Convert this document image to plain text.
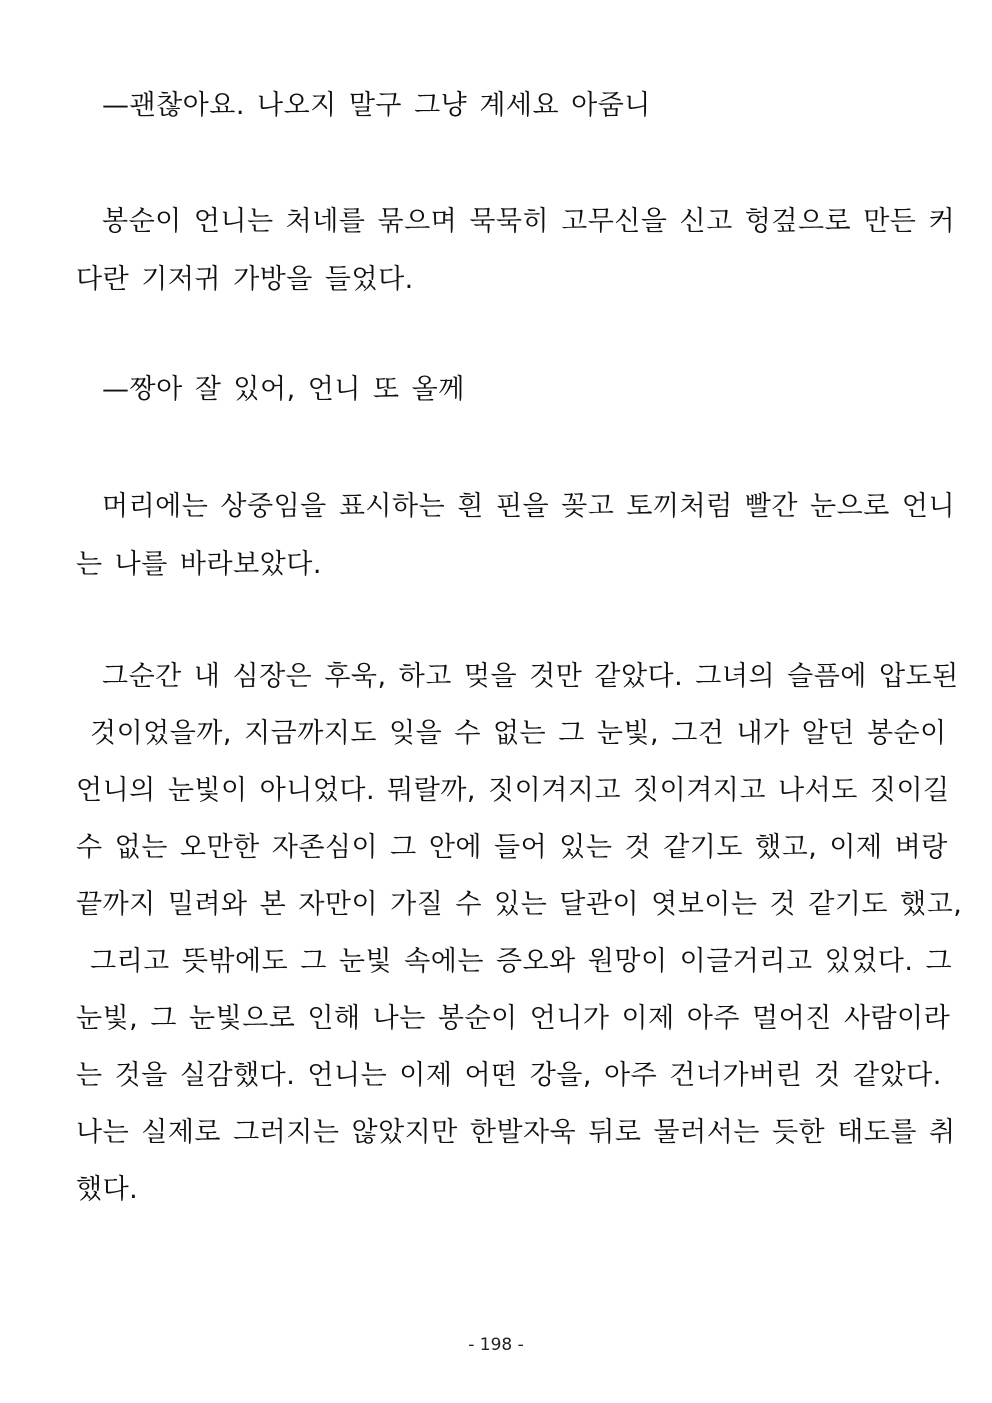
—괜찮아요. 나오지 말구 그냥 계세요 아줌니
봉순이 언니는 처네를 묶으며 묵묵히 고무신을 신고 헝겊으로 만든 커
다란 기저귀 가방을 들었다.
—짱아 잘 있어, 언니 또 올께
머리에는 상중임을 표시하는 흰 핀을 꽂고 토끼처럼 빨간 눈으로 언니
는 나를 바라보았다.
그순간 내 심장은 후욱, 하고 멎을 것만 같았다. 그녀의 슬픔에 압도된
것이었을까, 지금까지도 잊을 수 없는 그 눈빛, 그건 내가 알던 봉순이
언니의 눈빛이 아니었다. 뭐랄까, 짓이겨지고 짓이겨지고 나서도 짓이길
수 없는 오만한 자존심이 그 안에 들어 있는 것 같기도 했고, 이제 벼랑
끝까지 밀려와 본 자만이 가질 수 있는 달관이 엿보이는 것 같기도 했고,
그리고 뜻밖에도 그 눈빛 속에는 증오와 원망이 이글거리고 있었다. 그
눈빛, 그 눈빛으로 인해 나는 봉순이 언니가 이제 아주 멀어진 사람이라
는 것을 실감했다. 언니는 이제 어떤 강을, 아주 건너가버린 것 같았다.
나는 실제로 그러지는 않았지만 한발자욱 뒤로 물러서는 듯한 태도를 취
했다.
- 198 -
